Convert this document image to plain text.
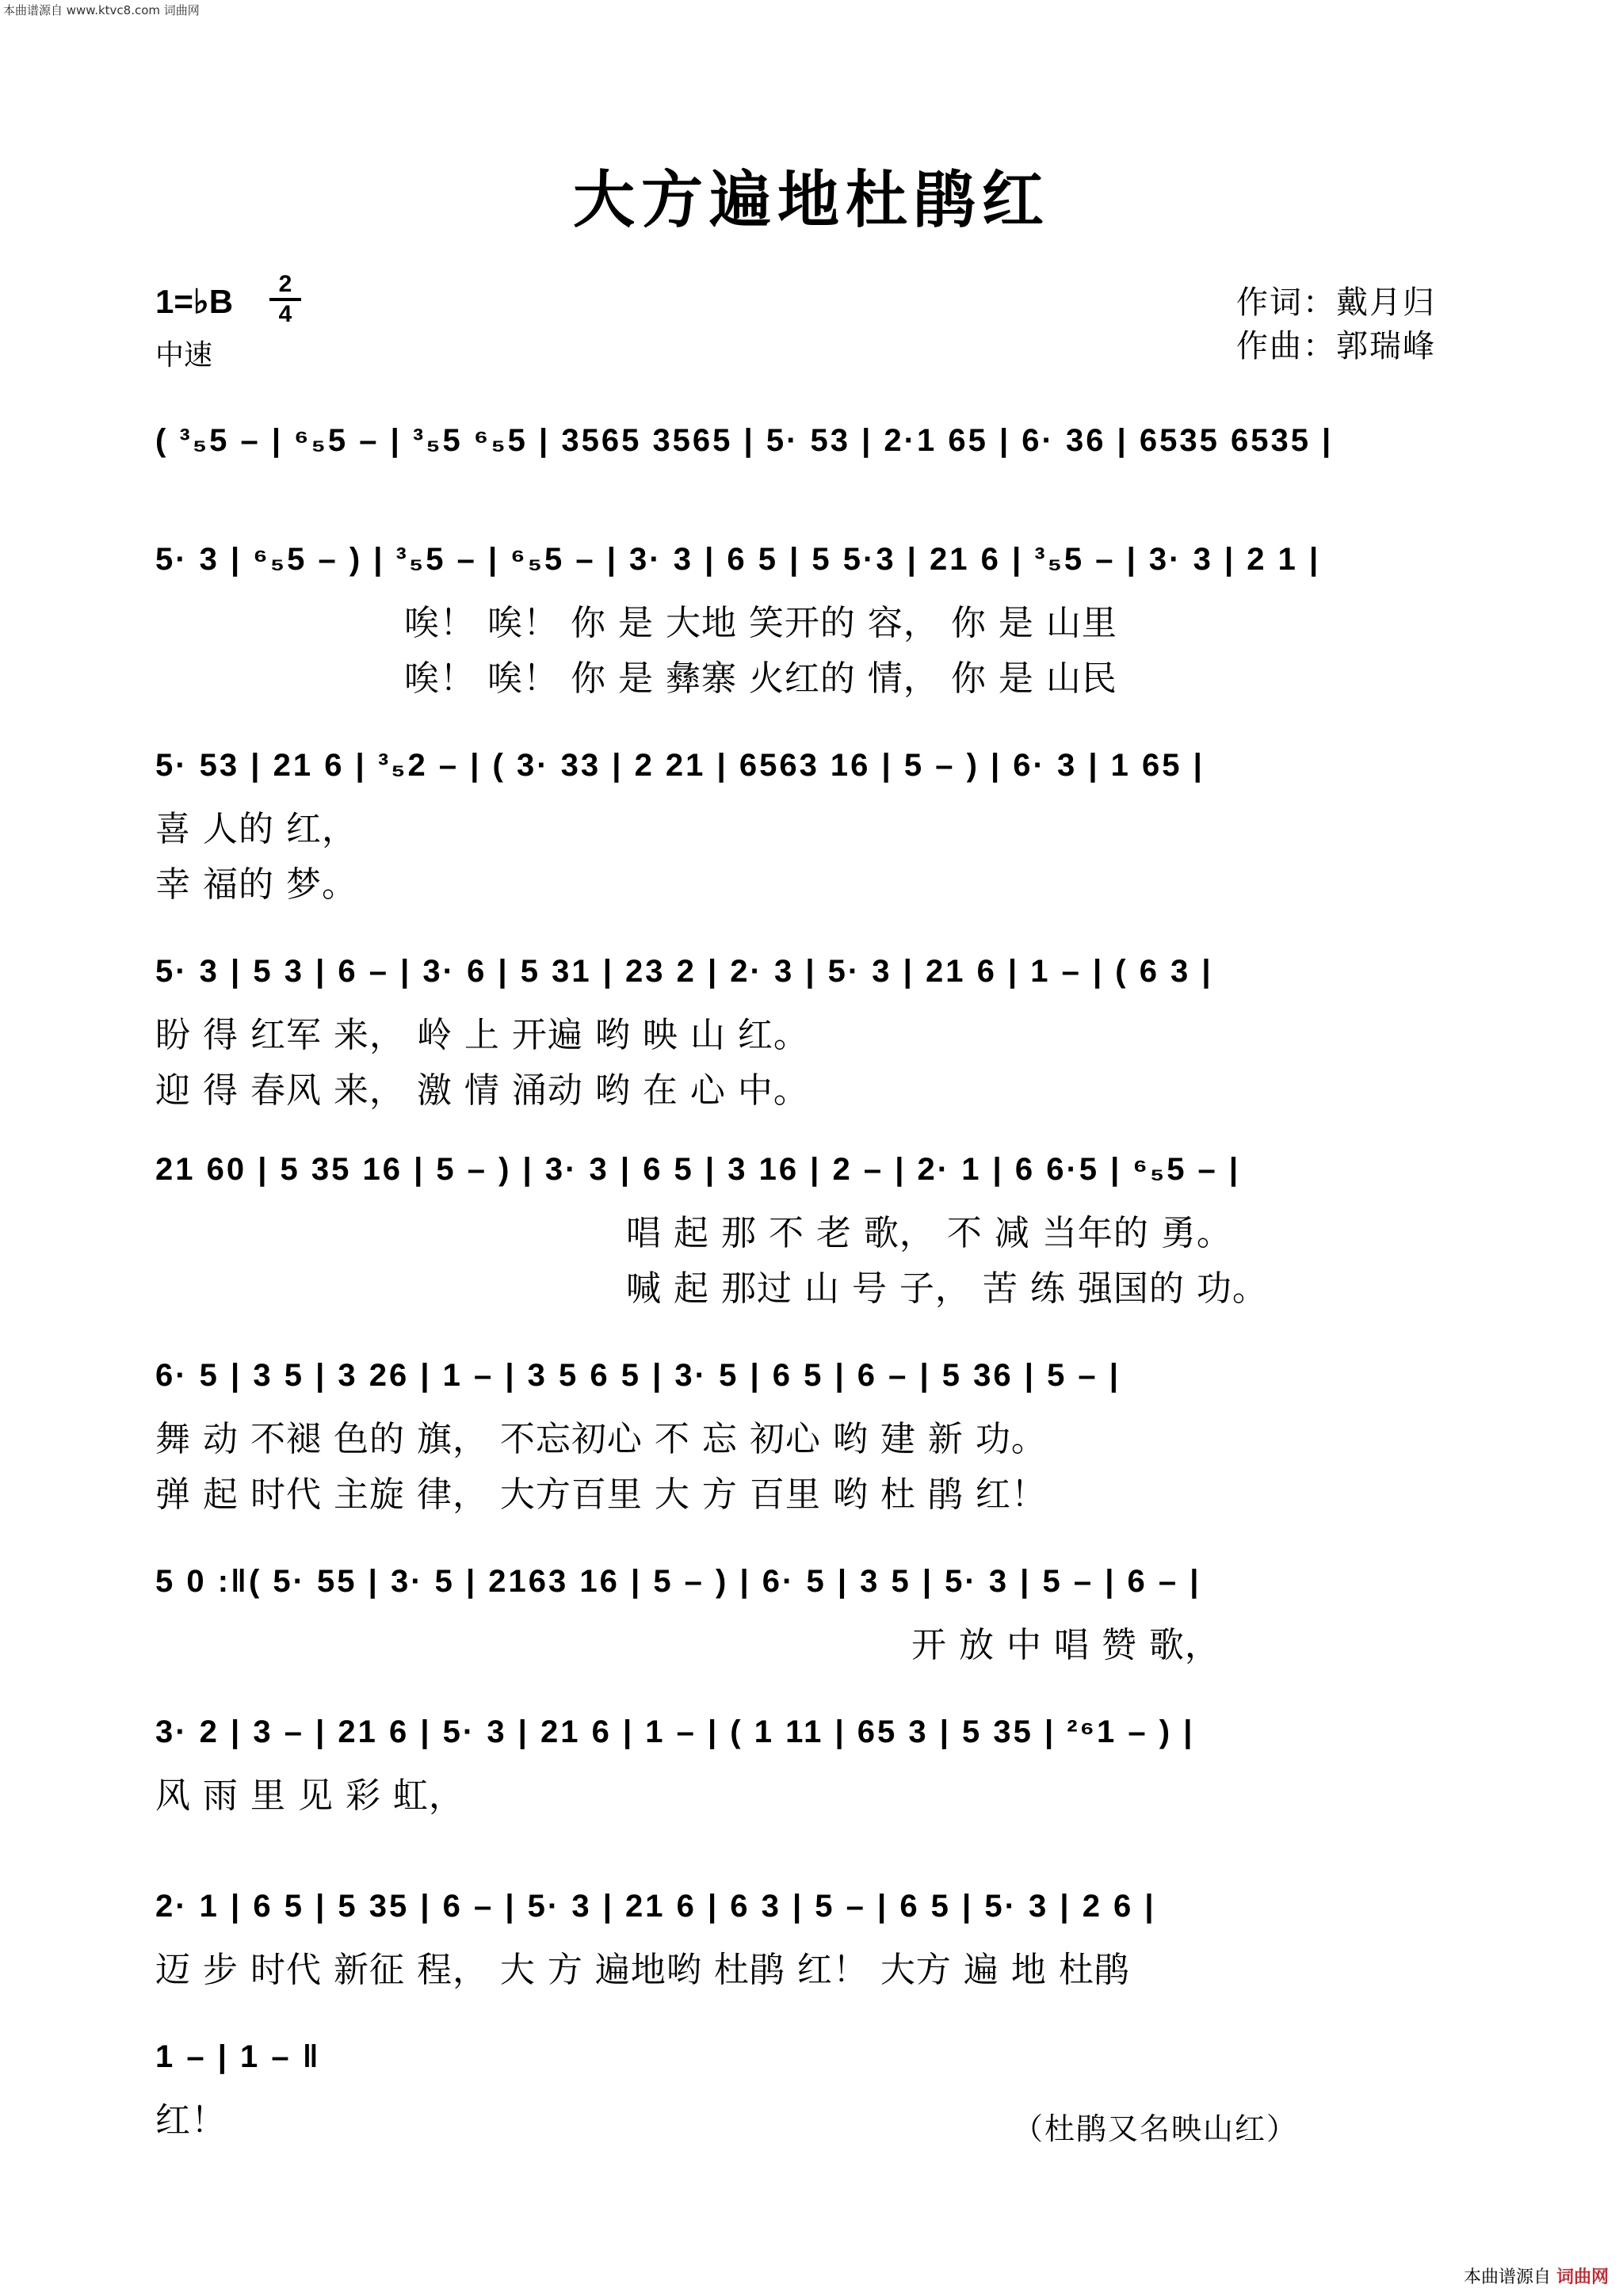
本曲谱源自 www.ktvc8.com 词曲网
大方遍地杜鹃红
1=♭B	2
4
中速
作词：戴月归
作曲：郭瑞峰
( ³₅5 – | ⁶₅5 – | ³₅5 ⁶₅5 | 3565 3565 | 5· 53 | 2·1 65 | 6· 36 | 6535 6535 |
5· 3 | ⁶₅5 – ) | ³₅5 – | ⁶₅5 – | 3· 3 | 6 5 | 5 5·3 | 21 6 | ³₅5 – | 3· 3 | 2 1 |
唉！ 唉！ 你 是 大地 笑开的 容， 你 是 山里
唉！ 唉！ 你 是 彝寨 火红的 情， 你 是 山民
5· 53 | 21 6 | ³₅2 – | ( 3· 33 | 2 21 | 6563 16 | 5 – ) | 6· 3 | 1 65 |
喜 人的 红，
幸 福的 梦。
5· 3 | 5 3 | 6 – | 3· 6 | 5 31 | 23 2 | 2· 3 | 5· 3 | 21 6 | 1 – | ( 6 3 |
盼 得 红军 来， 岭 上 开遍 哟 映 山 红。
迎 得 春风 来， 激 情 涌动 哟 在 心 中。
21 60 | 5 35 16 | 5 – ) | 3· 3 | 6 5 | 3 16 | 2 – | 2· 1 | 6 6·5 | ⁶₅5 – |
唱 起 那 不 老 歌， 不 减 当年的 勇。
喊 起 那过 山 号 子， 苦 练 强国的 功。
6· 5 | 3 5 | 3 26 | 1 – | 3 5 6 5 | 3· 5 | 6 5 | 6 – | 5 36 | 5 – |
舞 动 不褪 色的 旗， 不忘初心 不 忘 初心 哟 建 新 功。
弹 起 时代 主旋 律， 大方百里 大 方 百里 哟 杜 鹃 红！
5 0 :‖( 5· 55 | 3· 5 | 2163 16 | 5 – ) | 6· 5 | 3 5 | 5· 3 | 5 – | 6 – |
开 放 中 唱 赞 歌，
3· 2 | 3 – | 21 6 | 5· 3 | 21 6 | 1 – | ( 1 11 | 65 3 | 5 35 | ²⁶1 – ) |
风 雨 里 见 彩 虹，
2· 1 | 6 5 | 5 35 | 6 – | 5· 3 | 21 6 | 6 3 | 5 – | 6 5 | 5· 3 | 2 6 |
迈 步 时代 新征 程， 大 方 遍地哟 杜鹃 红！ 大方 遍 地 杜鹃
1 – | 1 – ‖
红！	（杜鹃又名映山红）
本曲谱源自 词曲网
